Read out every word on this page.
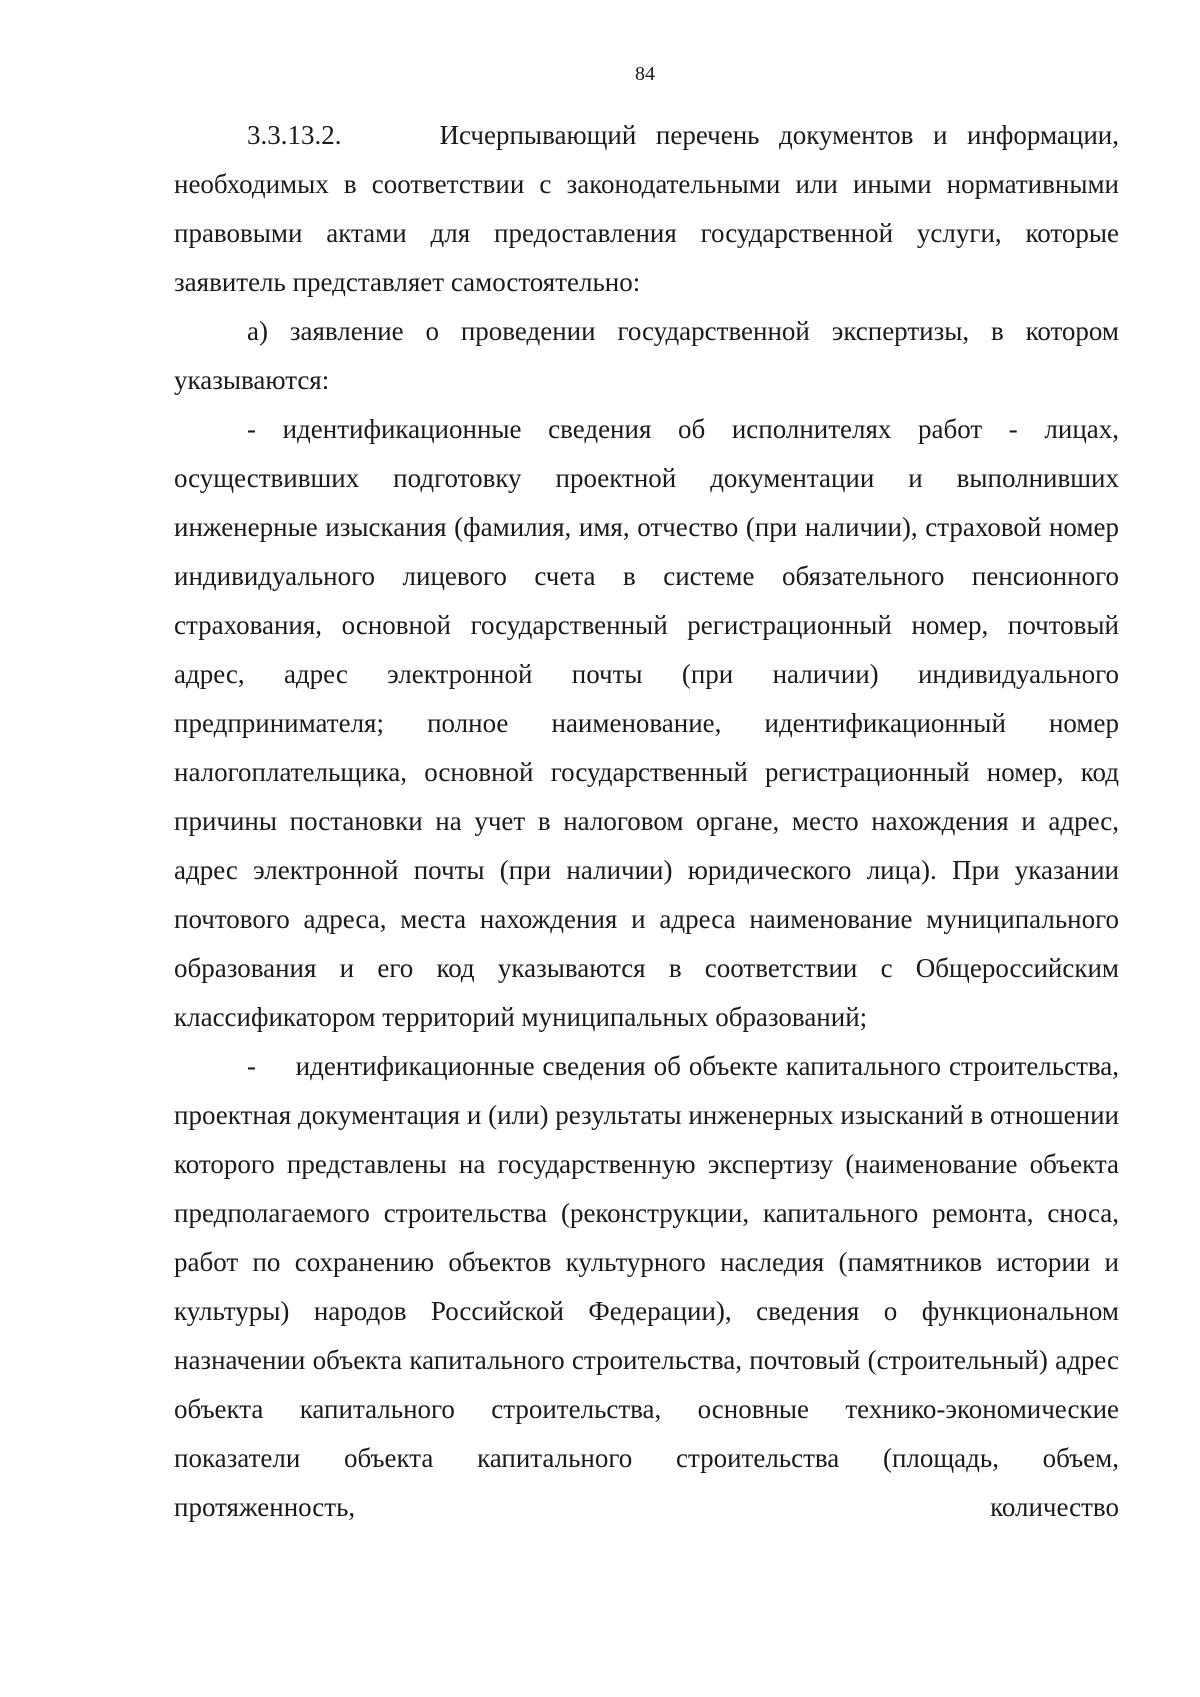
84

3.3.13.2.     Исчерпывающий перечень документов и информации, необходимых в соответствии с законодательными или иными нормативными правовыми актами для предоставления государственной услуги, которые заявитель представляет самостоятельно:

а) заявление о проведении государственной экспертизы, в котором указываются:

- идентификационные сведения об исполнителях работ - лицах, осуществивших подготовку проектной документации и выполнивших инженерные изыскания (фамилия, имя, отчество (при наличии), страховой номер индивидуального лицевого счета в системе обязательного пенсионного страхования, основной государственный регистрационный номер, почтовый адрес, адрес электронной почты (при наличии) индивидуального предпринимателя; полное наименование, идентификационный номер налогоплательщика, основной государственный регистрационный номер, код причины постановки на учет в налоговом органе, место нахождения и адрес, адрес электронной почты (при наличии) юридического лица). При указании почтового адреса, места нахождения и адреса наименование муниципального образования и его код указываются в соответствии с Общероссийским классификатором территорий муниципальных образований;

-     идентификационные сведения об объекте капитального строительства, проектная документация и (или) результаты инженерных изысканий в отношении которого представлены на государственную экспертизу (наименование объекта предполагаемого строительства (реконструкции, капитального ремонта, сноса, работ по сохранению объектов культурного наследия (памятников истории и культуры) народов Российской Федерации), сведения о функциональном назначении объекта капитального строительства, почтовый (строительный) адрес объекта капитального строительства, основные технико-экономические показатели объекта капитального строительства (площадь, объем, протяженность, количество
